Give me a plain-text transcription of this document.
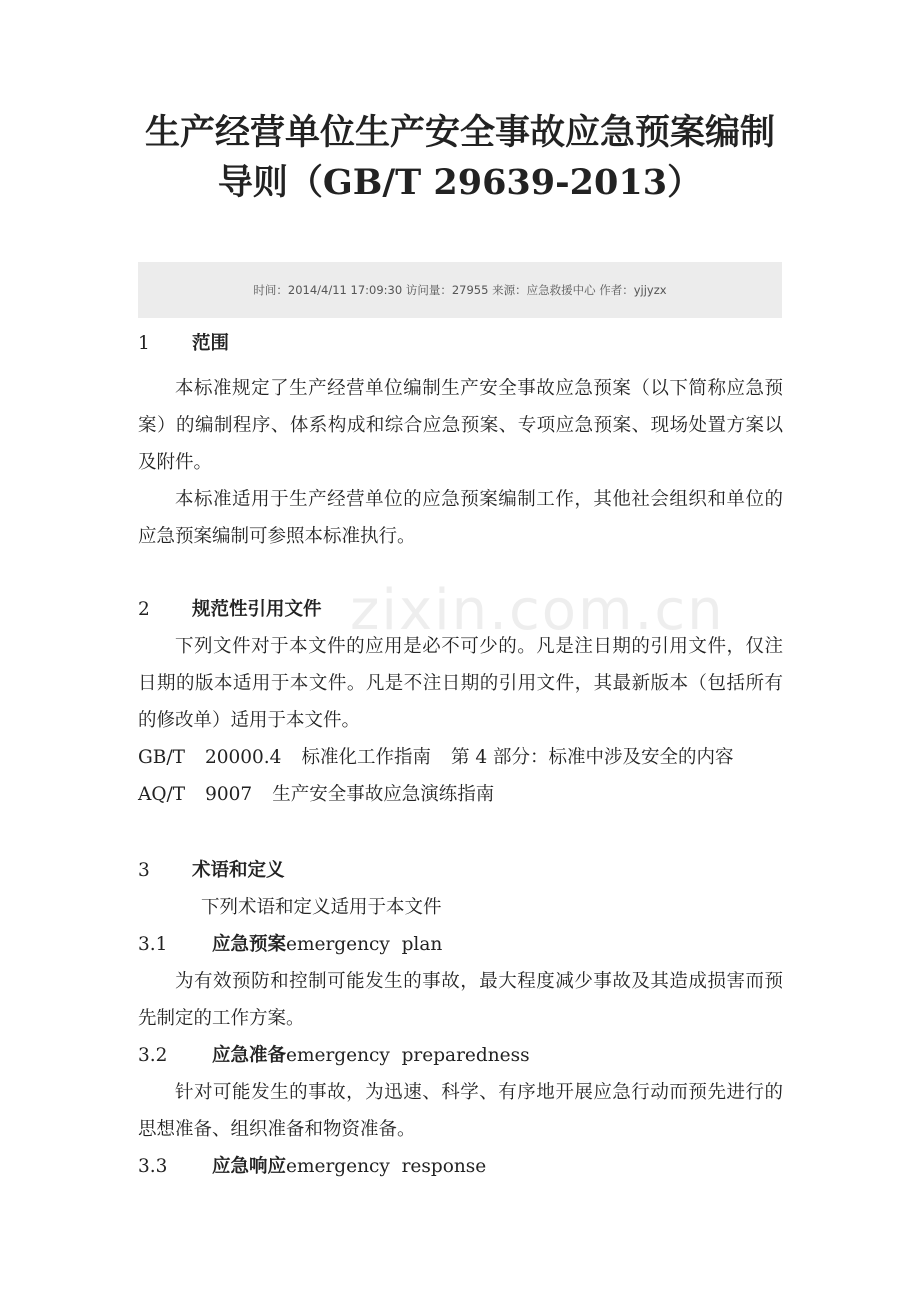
生产经营单位生产安全事故应急预案编制
导则（GB/T 29639-2013）
时间：2014/4/11 17:09:30 访问量：27955 来源：应急救援中心 作者：yjjyzx
zixin.com.cn
1 范围
本标准规定了生产经营单位编制生产安全事故应急预案（以下简称应急预案）的编制程序、体系构成和综合应急预案、专项应急预案、现场处置方案以及附件。
本标准适用于生产经营单位的应急预案编制工作，其他社会组织和单位的应急预案编制可参照本标准执行。
2 规范性引用文件
下列文件对于本文件的应用是必不可少的。凡是注日期的引用文件，仅注日期的版本适用于本文件。凡是不注日期的引用文件，其最新版本（包括所有的修改单）适用于本文件。
GB/T 20000.4 标准化工作指南 第 4 部分：标准中涉及安全的内容
AQ/T 9007 生产安全事故应急演练指南
3 术语和定义
下列术语和定义适用于本文件
3.1 应急预案emergency  plan
为有效预防和控制可能发生的事故，最大程度减少事故及其造成损害而预先制定的工作方案。
3.2 应急准备emergency  preparedness
针对可能发生的事故，为迅速、科学、有序地开展应急行动而预先进行的思想准备、组织准备和物资准备。
3.3 应急响应emergency  response
